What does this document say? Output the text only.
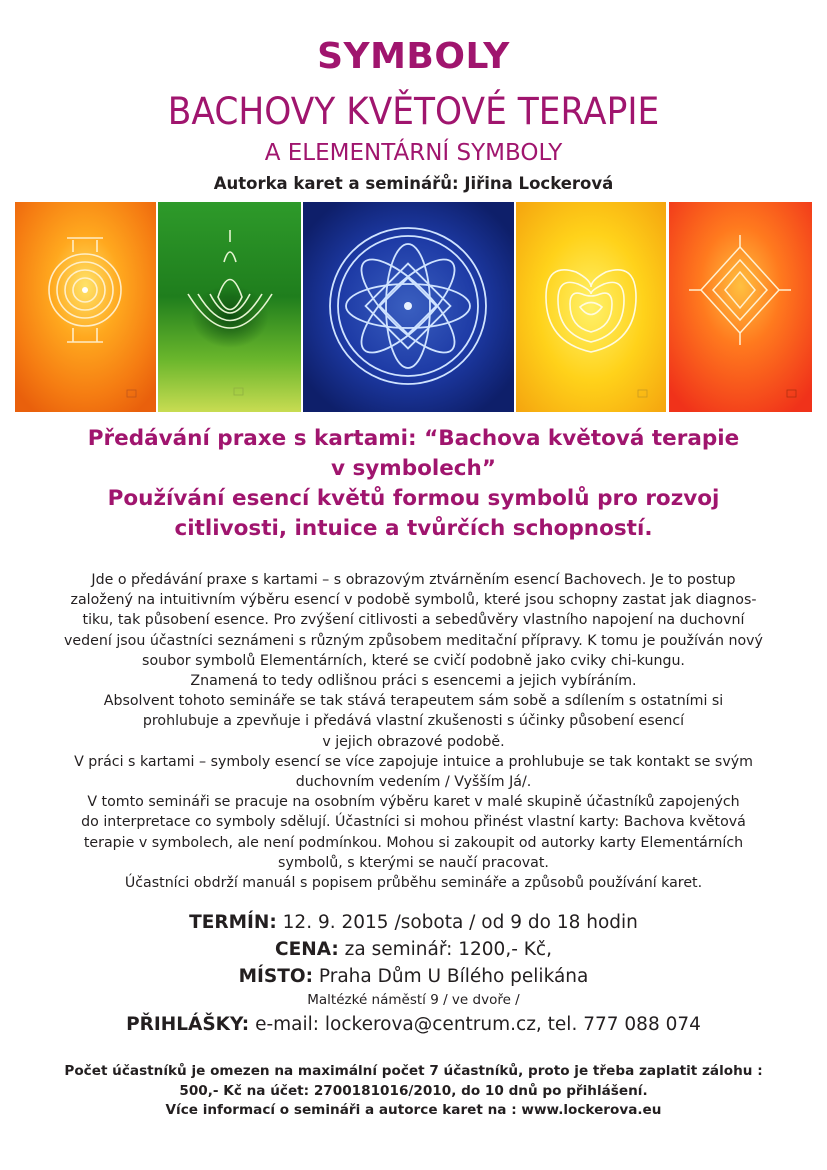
SYMBOLY
BACHOVY KVĚTOVÉ TERAPIE
A ELEMENTÁRNÍ SYMBOLY
Autorka karet a seminářů: Jiřina Lockerová
Předávání praxe s kartami: “Bachova květová terapie
v symbolech”
Používání esencí květů formou symbolů pro rozvoj
citlivosti, intuice a tvůrčích schopností.
Jde o předávání praxe s kartami – s obrazovým ztvárněním esencí Bachovech. Je to postup
založený na intuitivním výběru esencí v podobě symbolů, které jsou schopny zastat jak diagnos-
tiku, tak působení esence. Pro zvýšení citlivosti a sebedůvěry vlastního napojení na duchovní
vedení jsou účastníci seznámeni s různým způsobem meditační přípravy. K tomu je používán nový
soubor symbolů Elementárních, které se cvičí podobně jako cviky chi-kungu.
Znamená to tedy odlišnou práci s esencemi a jejich vybíráním.
Absolvent tohoto semináře se tak stává terapeutem sám sobě a sdílením s ostatními si
prohlubuje a zpevňuje i předává vlastní zkušenosti s účinky působení esencí
v jejich obrazové podobě.
V práci s kartami – symboly esencí se více zapojuje intuice a prohlubuje se tak kontakt se svým
duchovním vedením / Vyšším Já/.
V tomto semináři se pracuje na osobním výběru karet v malé skupině účastníků zapojených
do interpretace co symboly sdělují. Účastníci si mohou přinést vlastní karty: Bachova květová
terapie v symbolech, ale není podmínkou. Mohou si zakoupit od autorky karty Elementárních
symbolů, s kterými se naučí pracovat.
Účastníci obdrží manuál s popisem průběhu semináře a způsobů používání karet.
TERMÍN: 12. 9. 2015 /sobota / od 9 do 18 hodin
CENA: za seminář: 1200,- Kč,
MÍSTO: Praha Dům U Bílého pelikána
Maltézké náměstí 9 / ve dvoře /
PŘIHLÁŠKY: e-mail: lockerova@centrum.cz, tel. 777 088 074
Počet účastníků je omezen na maximální počet 7 účastníků, proto je třeba zaplatit zálohu :
500,- Kč na účet: 2700181016/2010, do 10 dnů po přihlášení.
Více informací o semináři a autorce karet na : www.lockerova.eu
